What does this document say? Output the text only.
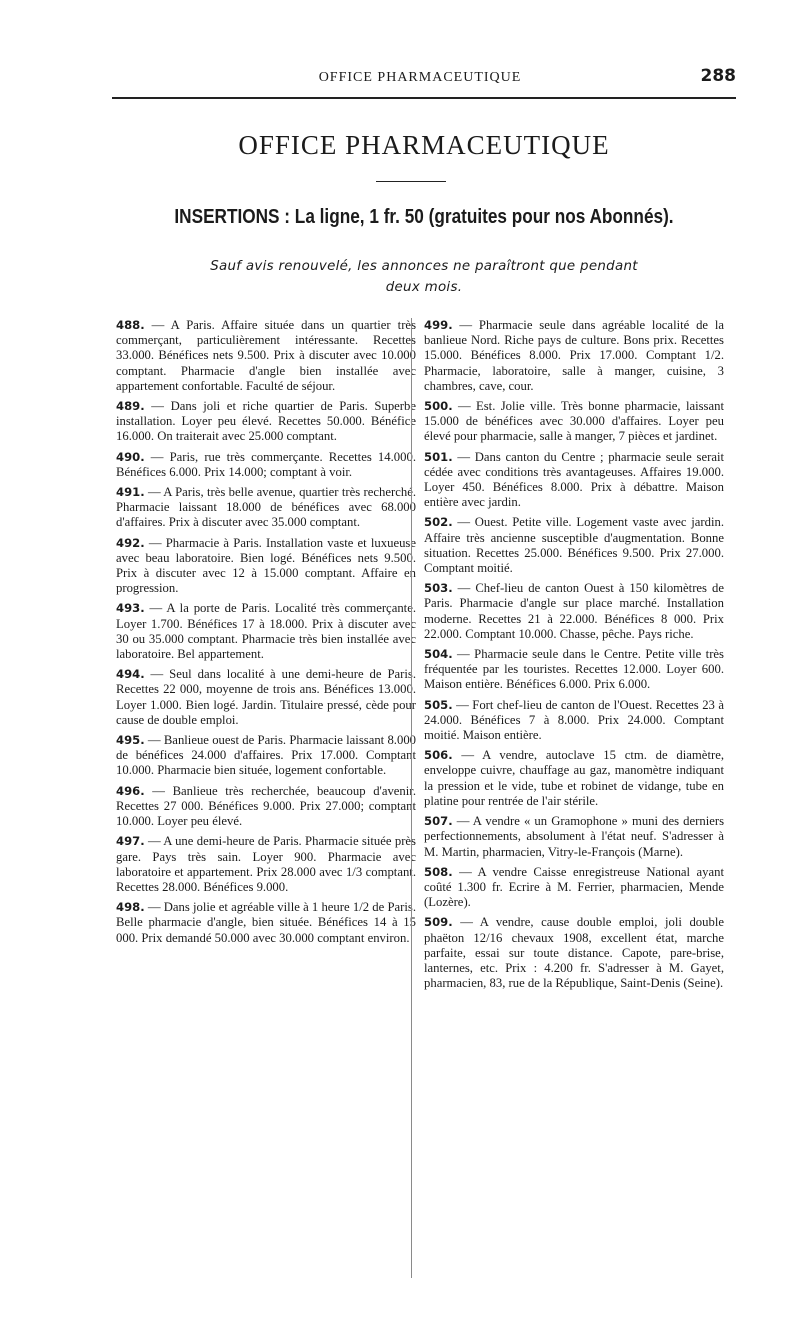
OFFICE PHARMACEUTIQUE	288
OFFICE PHARMACEUTIQUE
INSERTIONS : La ligne, 1 fr. 50 (gratuites pour nos Abonnés).
Sauf avis renouvelé, les annonces ne paraîtront que pendant
deux mois.

488. — A Paris. Affaire située dans un quartier très commerçant, particulièrement intéressante. Recettes 33.000. Bénéfices nets 9.500. Prix à discuter avec 10.000 comptant. Pharmacie d'angle bien installée avec appartement confortable. Faculté de séjour.

489. — Dans joli et riche quartier de Paris. Superbe installation. Loyer peu élevé. Recettes 50.000. Bénéfice 16.000. On traiterait avec 25.000 comptant.

490. — Paris, rue très commerçante. Recettes 14.000. Bénéfices 6.000. Prix 14.000; comptant à voir.

491. — A Paris, très belle avenue, quartier très recherché. Pharmacie laissant 18.000 de bénéfices avec 68.000 d'affaires. Prix à discuter avec 35.000 comptant.

492. — Pharmacie à Paris. Installation vaste et luxueuse avec beau laboratoire. Bien logé. Bénéfices nets 9.500. Prix à discuter avec 12 à 15.000 comptant. Affaire en progression.

493. — A la porte de Paris. Localité très commerçante. Loyer 1.700. Bénéfices 17 à 18.000. Prix à discuter avec 30 ou 35.000 comptant. Pharmacie très bien installée avec laboratoire. Bel appartement.

494. — Seul dans localité à une demi-heure de Paris. Recettes 22 000, moyenne de trois ans. Bénéfices 13.000. Loyer 1.000. Bien logé. Jardin. Titulaire pressé, cède pour cause de double emploi.

495. — Banlieue ouest de Paris. Pharmacie laissant 8.000 de bénéfices 24.000 d'affaires. Prix 17.000. Comptant 10.000. Pharmacie bien située, logement confortable.

496. — Banlieue très recherchée, beaucoup d'avenir. Recettes 27 000. Bénéfices 9.000. Prix 27.000; comptant 10.000. Loyer peu élevé.

497. — A une demi-heure de Paris. Pharmacie située près gare. Pays très sain. Loyer 900. Pharmacie avec laboratoire et appartement. Prix 28.000 avec 1/3 comptant. Recettes 28.000. Bénéfices 9.000.

498. — Dans jolie et agréable ville à 1 heure 1/2 de Paris. Belle pharmacie d'angle, bien située. Bénéfices 14 à 15 000. Prix demandé 50.000 avec 30.000 comptant environ.

499. — Pharmacie seule dans agréable localité de la banlieue Nord. Riche pays de culture. Bons prix. Recettes 15.000. Bénéfices 8.000. Prix 17.000. Comptant 1/2. Pharmacie, laboratoire, salle à manger, cuisine, 3 chambres, cave, cour.

500. — Est. Jolie ville. Très bonne pharmacie, laissant 15.000 de bénéfices avec 30.000 d'affaires. Loyer peu élevé pour pharmacie, salle à manger, 7 pièces et jardinet.

501. — Dans canton du Centre ; pharmacie seule serait cédée avec conditions très avantageuses. Affaires 19.000. Loyer 450. Bénéfices 8.000. Prix à débattre. Maison entière avec jardin.

502. — Ouest. Petite ville. Logement vaste avec jardin. Affaire très ancienne susceptible d'augmentation. Bonne situation. Recettes 25.000. Bénéfices 9.500. Prix 27.000. Comptant moitié.

503. — Chef-lieu de canton Ouest à 150 kilomètres de Paris. Pharmacie d'angle sur place marché. Installation moderne. Recettes 21 à 22.000. Bénéfices 8 000. Prix 22.000. Comptant 10.000. Chasse, pêche. Pays riche.

504. — Pharmacie seule dans le Centre. Petite ville très fréquentée par les touristes. Recettes 12.000. Loyer 600. Maison entière. Bénéfices 6.000. Prix 6.000.

505. — Fort chef-lieu de canton de l'Ouest. Recettes 23 à 24.000. Bénéfices 7 à 8.000. Prix 24.000. Comptant moitié. Maison entière.

506. — A vendre, autoclave 15 ctm. de diamètre, enveloppe cuivre, chauffage au gaz, manomètre indiquant la pression et le vide, tube et robinet de vidange, tube en platine pour rentrée de l'air stérile.

507. — A vendre « un Gramophone » muni des derniers perfectionnements, absolument à l'état neuf. S'adresser à M. Martin, pharmacien, Vitry-le-François (Marne).

508. — A vendre Caisse enregistreuse National ayant coûté 1.300 fr. Ecrire à M. Ferrier, pharmacien, Mende (Lozère).

509. — A vendre, cause double emploi, joli double phaëton 12/16 chevaux 1908, excellent état, marche parfaite, essai sur toute distance. Capote, pare-brise, lanternes, etc. Prix : 4.200 fr. S'adresser à M. Gayet, pharmacien, 83, rue de la République, Saint-Denis (Seine).
